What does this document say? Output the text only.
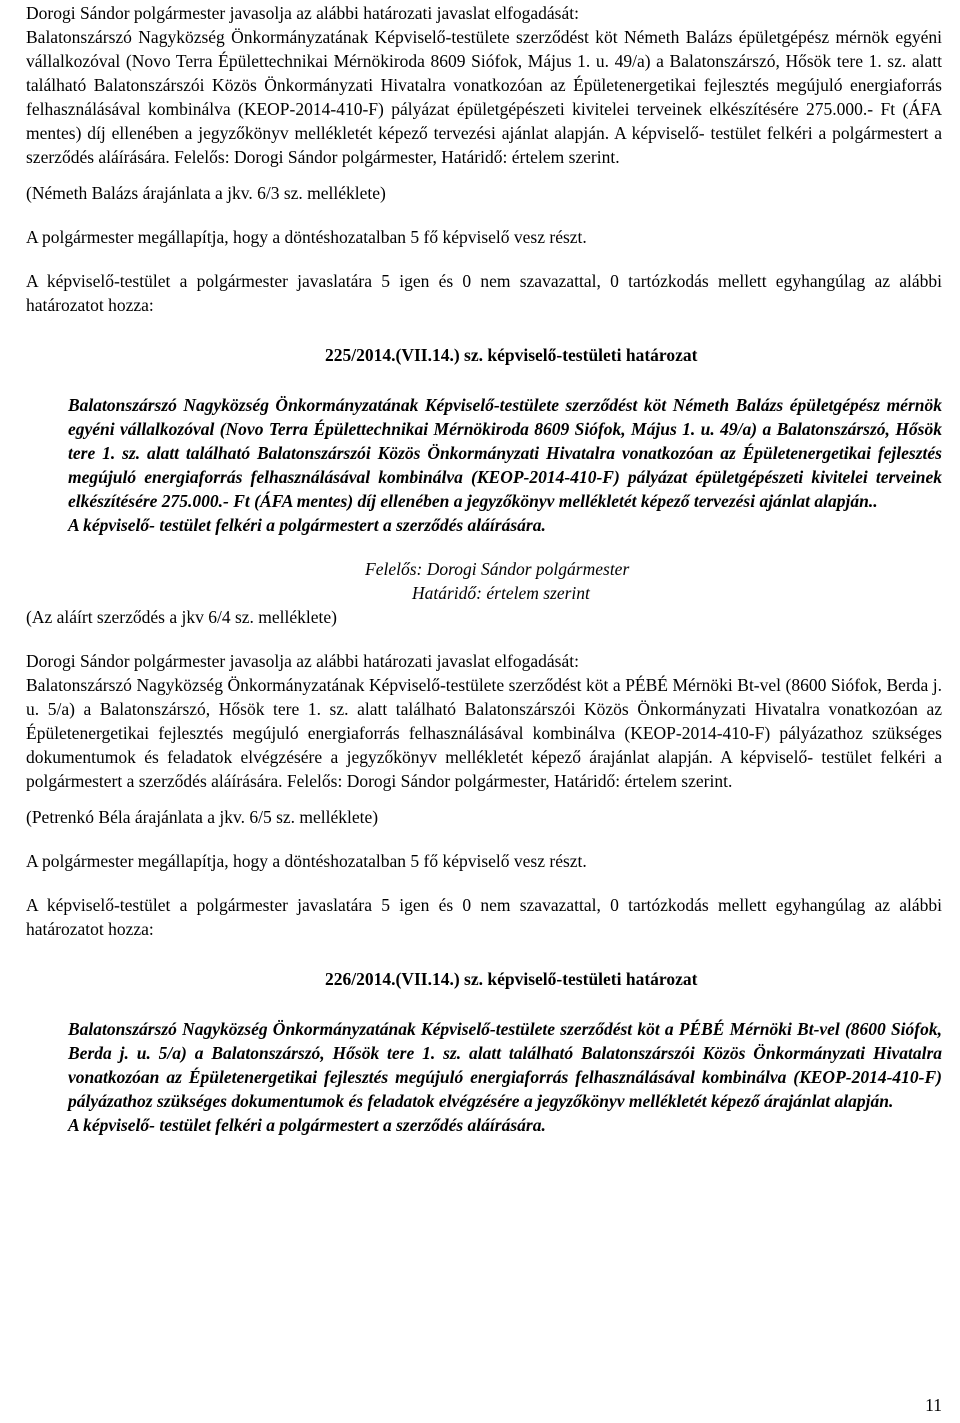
Dorogi Sándor polgármester javasolja az alábbi határozati javaslat elfogadását:

Balatonszárszó Nagyközség Önkormányzatának Képviselő-testülete szerződést köt Németh Balázs épületgépész mérnök egyéni vállalkozóval (Novo Terra Épülettechnikai Mérnökiroda 8609 Siófok, Május 1. u. 49/a) a Balatonszárszó, Hősök tere 1. sz. alatt található Balatonszárszói Közös Önkormányzati Hivatalra vonatkozóan az Épületenergetikai fejlesztés megújuló energiaforrás felhasználásával kombinálva (KEOP-2014-410-F) pályázat épületgépészeti kivitelei terveinek elkészítésére 275.000.- Ft (ÁFA mentes) díj ellenében a jegyzőkönyv mellékletét képező tervezési ajánlat alapján. A képviselő- testület felkéri a polgármestert a szerződés aláírására. Felelős: Dorogi Sándor polgármester, Határidő: értelem szerint.

(Németh Balázs árajánlata a jkv. 6/3 sz. melléklete)

A polgármester megállapítja, hogy a döntéshozatalban 5 fő képviselő vesz részt.

A képviselő-testület a polgármester javaslatára 5 igen és 0 nem szavazattal, 0 tartózkodás mellett egyhangúlag az alábbi határozatot hozza:

225/2014.(VII.14.) sz. képviselő-testületi határozat

Balatonszárszó Nagyközség Önkormányzatának Képviselő-testülete szerződést köt Németh Balázs épületgépész mérnök egyéni vállalkozóval (Novo Terra Épülettechnikai Mérnökiroda 8609 Siófok, Május 1. u. 49/a) a Balatonszárszó, Hősök tere 1. sz. alatt található Balatonszárszói Közös Önkormányzati Hivatalra vonatkozóan az Épületenergetikai fejlesztés megújuló energiaforrás felhasználásával kombinálva (KEOP-2014-410-F) pályázat épületgépészeti kivitelei terveinek elkészítésére 275.000.- Ft (ÁFA mentes) díj ellenében a jegyzőkönyv mellékletét képező tervezési ajánlat alapján..

A képviselő- testület felkéri a polgármestert a szerződés aláírására.

Felelős: Dorogi Sándor polgármester

Határidő: értelem szerint

(Az aláírt szerződés a jkv 6/4 sz. melléklete)

Dorogi Sándor polgármester javasolja az alábbi határozati javaslat elfogadását:

Balatonszárszó Nagyközség Önkormányzatának Képviselő-testülete szerződést köt a PÉBÉ Mérnöki Bt-vel (8600 Siófok, Berda j. u. 5/a) a Balatonszárszó, Hősök tere 1. sz. alatt található Balatonszárszói Közös Önkormányzati Hivatalra vonatkozóan az Épületenergetikai fejlesztés megújuló energiaforrás felhasználásával kombinálva (KEOP-2014-410-F) pályázathoz szükséges dokumentumok és feladatok elvégzésére a jegyzőkönyv mellékletét képező árajánlat alapján. A képviselő- testület felkéri a polgármestert a szerződés aláírására. Felelős: Dorogi Sándor polgármester, Határidő: értelem szerint.

(Petrenkó Béla árajánlata a jkv. 6/5 sz. melléklete)

A polgármester megállapítja, hogy a döntéshozatalban 5 fő képviselő vesz részt.

A képviselő-testület a polgármester javaslatára 5 igen és 0 nem szavazattal, 0 tartózkodás mellett egyhangúlag az alábbi határozatot hozza:

226/2014.(VII.14.) sz. képviselő-testületi határozat

Balatonszárszó Nagyközség Önkormányzatának Képviselő-testülete szerződést köt a PÉBÉ Mérnöki Bt-vel (8600 Siófok, Berda j. u. 5/a) a Balatonszárszó, Hősök tere 1. sz. alatt található Balatonszárszói Közös Önkormányzati Hivatalra vonatkozóan az Épületenergetikai fejlesztés megújuló energiaforrás felhasználásával kombinálva (KEOP-2014-410-F) pályázathoz szükséges dokumentumok és feladatok elvégzésére a jegyzőkönyv mellékletét képező árajánlat alapján.

A képviselő- testület felkéri a polgármestert a szerződés aláírására.

11
